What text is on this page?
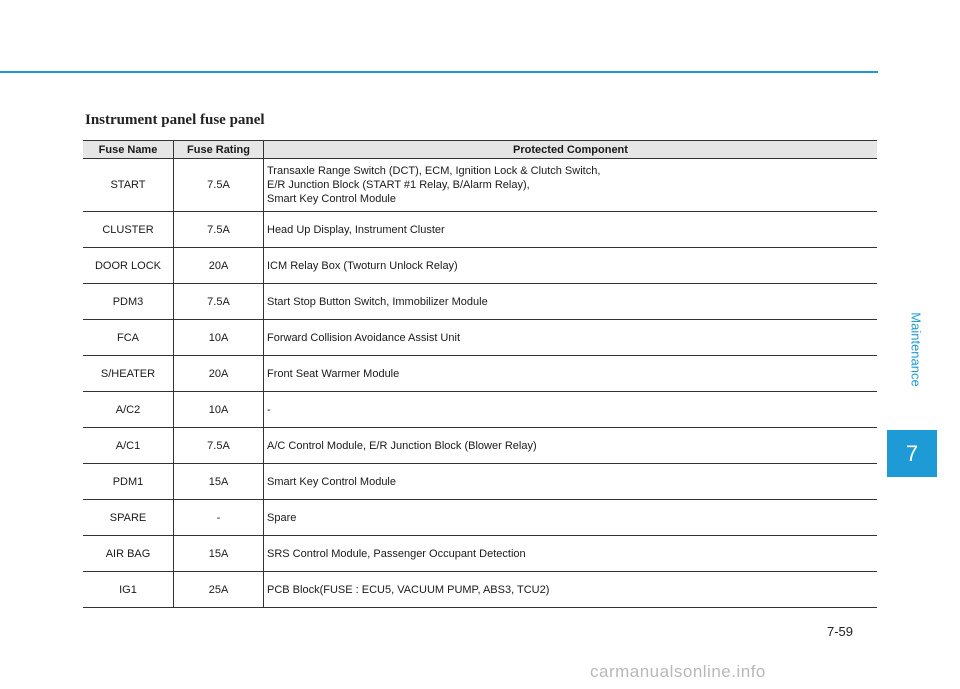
Instrument panel fuse panel
Fuse Name	Fuse Rating	Protected Component
START	7.5A	Transaxle Range Switch (DCT), ECM, Ignition Lock & Clutch Switch,
E/R Junction Block (START #1 Relay, B/Alarm Relay),
Smart Key Control Module

CLUSTER	7.5A	Head Up Display, Instrument Cluster
DOOR LOCK	20A	ICM Relay Box (Twoturn Unlock Relay)
PDM3	7.5A	Start Stop Button Switch, Immobilizer Module
FCA	10A	Forward Collision Avoidance Assist Unit
S/HEATER	20A	Front Seat Warmer Module
A/C2	10A	-
A/C1	7.5A	A/C Control Module, E/R Junction Block (Blower Relay)
PDM1	15A	Smart Key Control Module
SPARE	-	Spare
AIR BAG	15A	SRS Control Module, Passenger Occupant Detection
IG1	25A	PCB Block(FUSE : ECU5, VACUUM PUMP, ABS3, TCU2)
Maintenance
7
7-59
carmanualsonline.info
